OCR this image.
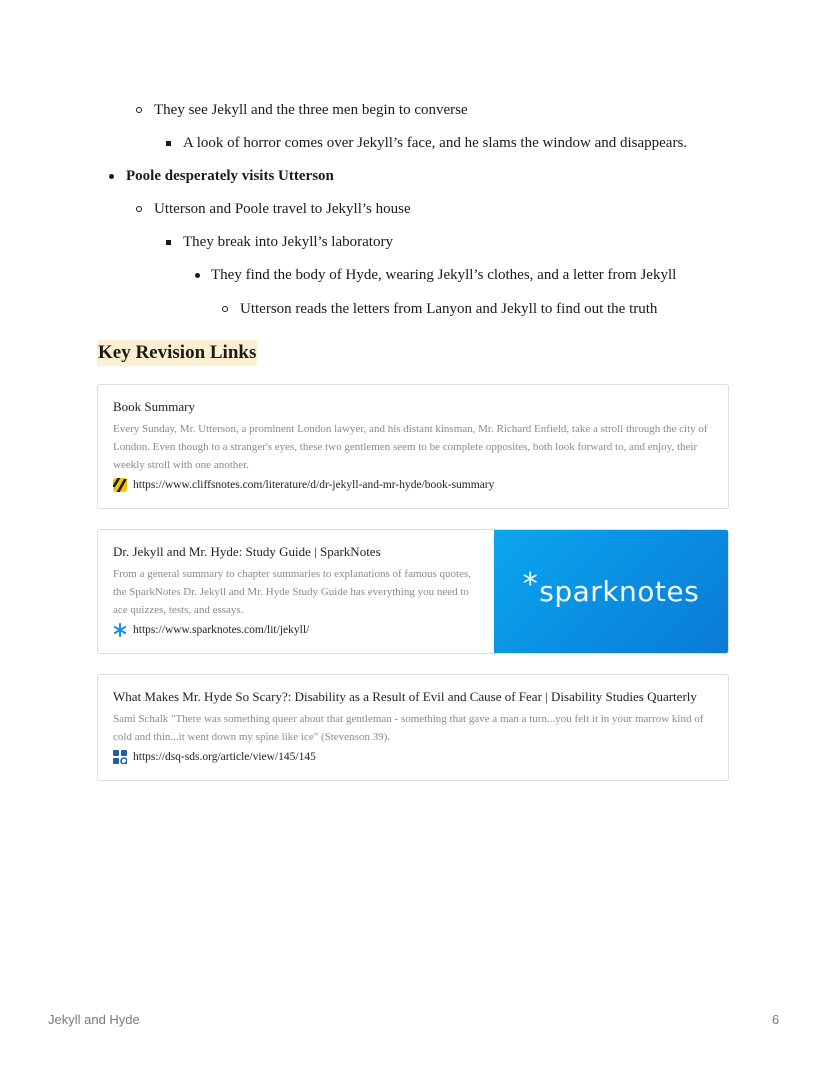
They see Jekyll and the three men begin to converse
A look of horror comes over Jekyll’s face, and he slams the window and disappears.
Poole desperately visits Utterson
Utterson and Poole travel to Jekyll’s house
They break into Jekyll’s laboratory
They find the body of Hyde, wearing Jekyll’s clothes, and a letter from Jekyll
Utterson reads the letters from Lanyon and Jekyll to find out the truth
Key Revision Links
Book Summary
Every Sunday, Mr. Utterson, a prominent London lawyer, and his distant kinsman, Mr. Richard Enfield, take a stroll through the city of London. Even though to a stranger's eyes, these two gentlemen seem to be complete opposites, both look forward to, and enjoy, their weekly stroll with one another.
https://www.cliffsnotes.com/literature/d/dr-jekyll-and-mr-hyde/book-summary
Dr. Jekyll and Mr. Hyde: Study Guide | SparkNotes
From a general summary to chapter summaries to explanations of famous quotes, the SparkNotes Dr. Jekyll and Mr. Hyde Study Guide has everything you need to ace quizzes, tests, and essays.
https://www.sparknotes.com/lit/jekyll/
* spark notes
What Makes Mr. Hyde So Scary?: Disability as a Result of Evil and Cause of Fear | Disability Studies Quarterly
Sami Schalk "There was something queer about that gentleman - something that gave a man a turn...you felt it in your marrow kind of cold and thin...it went down my spine like ice" (Stevenson 39).
https://dsq-sds.org/article/view/145/145
Jekyll and Hyde	6
